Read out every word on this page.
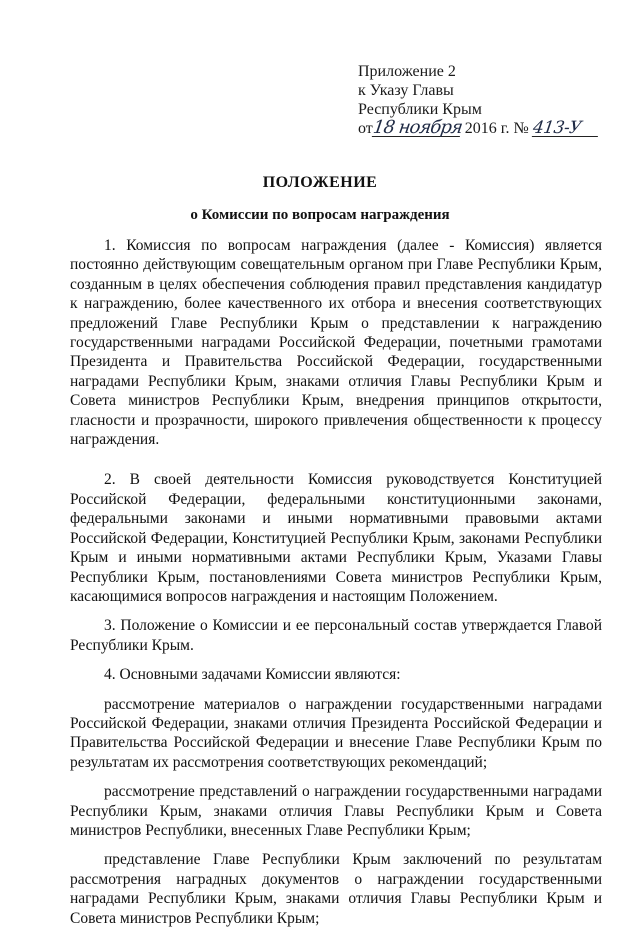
Приложение 2
к Указу Главы
Республики Крым
от18 ноября 2016 г. № 413-У
ПОЛОЖЕНИЕ
о Комиссии по вопросам награждения

1. Комиссия по вопросам награждения (далее - Комиссия) является постоянно действующим совещательным органом при Главе Республики Крым, созданным в целях обеспечения соблюдения правил представления кандидатур к награждению, более качественного их отбора и внесения соответствующих предложений Главе Республики Крым о представлении к награждению государственными наградами Российской Федерации, почетными грамотами Президента и Правительства Российской Федерации, государственными наградами Республики Крым, знаками отличия Главы Республики Крым и Совета министров Республики Крым, внедрения принципов открытости, гласности и прозрачности, широкого привлечения общественности к процессу награждения.

2. В своей деятельности Комиссия руководствуется Конституцией Российской Федерации, федеральными конституционными законами, федеральными законами и иными нормативными правовыми актами Российской Федерации, Конституцией Республики Крым, законами Республики Крым и иными нормативными актами Республики Крым, Указами Главы Республики Крым, постановлениями Совета министров Республики Крым, касающимися вопросов награждения и настоящим Положением.

3. Положение о Комиссии и ее персональный состав утверждается Главой Республики Крым.

4. Основными задачами Комиссии являются:

рассмотрение материалов о награждении государственными наградами Российской Федерации, знаками отличия Президента Российской Федерации и Правительства Российской Федерации и внесение Главе Республики Крым по результатам их рассмотрения соответствующих рекомендаций;

рассмотрение представлений о награждении государственными наградами Республики Крым, знаками отличия Главы Республики Крым и Совета министров Республики, внесенных Главе Республики Крым;

представление Главе Республики Крым заключений по результатам рассмотрения наградных документов о награждении государственными наградами Республики Крым, знаками отличия Главы Республики Крым и Совета министров Республики Крым;
